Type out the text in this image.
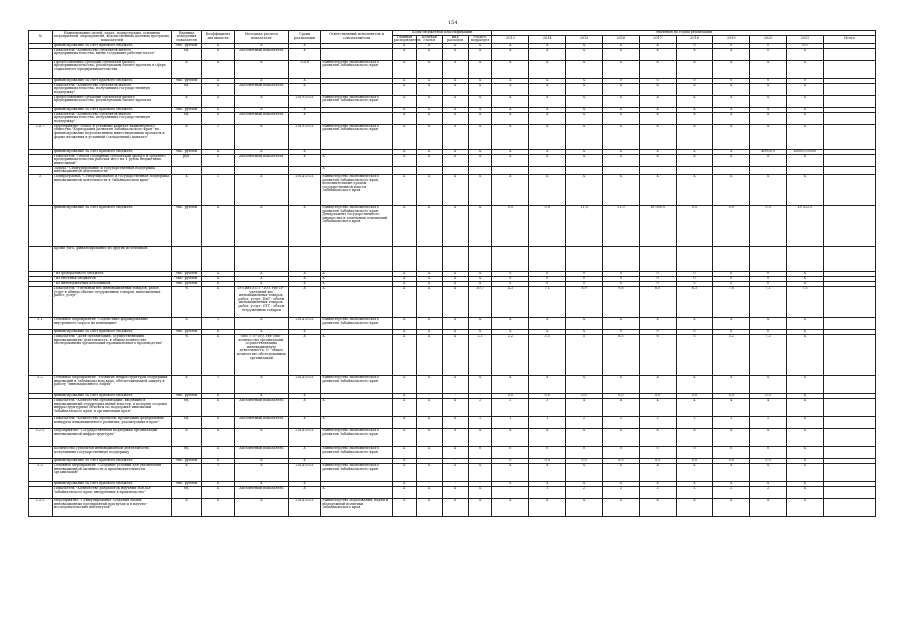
154
№	Наименование целей, задач, подпрограмм, основных мероприятий, мероприятий, ведомственных целевых программ, показателей	Единица измерения показателя	Коэффициент значимости	Методика расчета показателя	Сроки реализации	Ответственный исполнитель и соисполнители	Коды бюджетной классификации				Значения по годам реализации									
							Главный распорядитель	Целевая статья	Вид расходов	Раздел, подраздел	2013	2014	2015	2016	2017	2018	2019	2020	2021	Итого
	финансирование за счет краевого бюджета	тыс. рублей	X	X	X		X	X	X	X	X	X	X	X	X	0	0	0	0,0	
	Показатель "Количество субъектов малого предпринимательства, вновь создавших рабочие места"	ед.	X	Абсолютный показатель	X		X	X	X	X	X	X	X	X	X	X	X	0	X	
	Предоставление субсидий субъектам малого предпринимательства, реализующим бизнес-проекты в сфере социального предпринимательства	X	X	X	2018	Министерство экономического развития Забайкальского края	X	X	X	X	X	X	X	X	X	X	X	X	X	
	финансирование за счет краевого бюджета	тыс. рублей	X	X	X		X	X	X	X	X	X	X	0	0	0	0	0	0	
	Показатель "Количество субъектов малого предпринимательства, получивших государственную поддержку"	ед.	X	Абсолютный показатель	X		X	X	X	X	X	X	X	X	X	X	X	X	X	
	Предоставление субсидий субъектам малого предпринимательства, реализующим бизнес-проекты	X	X	X	2019-2021	Министерство экономического развития Забайкальского края	X	X	X	X	X	X	X	X	X	X	X	X	X	
	финансирование за счет краевого бюджета	тыс. рублей	X	X	X		X	X	X	X	X	X	X	X	X	X	X	X	X	
	Показатель "Количество субъектов малого предпринимательства, получивших государственную поддержку"	ед.	X	Абсолютный показатель	X		X	X	X	X	X	X	X	X	X	X	X	X	X	
2.4.7.	Мероприятие "Взнос в уставный капитал акционерного общества "Корпорация развития Забайкальского края" на финансирование перспективных инвестиционных проектов в форме вложения в уставный (складочный) капитал"	X	I	X	2019-2021	Министерство экономического развития Забайкальского края	X	X	X	X	X	X	X	X	X	X	X	X	X	
	финансирование за счет краевого бюджета	тыс. рублей	X	X	X		X	X	X	X	X	X	X	X	X	X	X	40000,0	40000,00000	
	Показатель "Объем созданных субъектами малого и среднего предпринимательства рабочих мест на 1 рубль бюджетных инвестиций"	руб.	X	Абсолютный показатель	X	X	X	X	X	X	X	X	X	X	X	X	X	X	X	
	Задача "Стимулирование и государственная поддержка инновационной деятельности"					X														
3.	Подпрограмма "Стимулирование и государственная поддержка инновационной деятельности в Забайкальском крае"	X	I	X	2014-2021	Министерство экономического развития Забайкальского края, исполнительные органы государственной власти Забайкальского края	X	X	X	X	X	X	X	X	X	X	X	X	X	
	финансирование за счет краевого бюджета	тыс. рублей	X	X	X	Министерство экономического развития Забайкальского края, Департамент государственного имущества и земельных отношений Забайкальского края	X	X	X	X	0,0	0,0	11,0	11,0	18 000,0	0,0	0,0	0,0	18 022,0	
	Кроме того, финансирование из других источников:																			
	- из федерального бюджета	тыс. рублей	X	X	X	X	X	X	X	X	0	0	0	0	0	0	0	0	X	
	- из местных бюджетов	тыс. рублей	X	X	X	X	X	X	X	X	0	0	0	0	0	0	0	0	X	
	- из внебюджетных источников	тыс. рублей	X	X	X	X	X	X	X	X	0	0	0	0	0	0	0	0	X	
	Показатель "Удельный вес инновационных товаров, работ, услуг в общем объеме отгруженных товаров, выполненных работ, услуг"	%	X	ТР=ИнТ/ОТТ *100, где ТР - удельный вес инновационных товаров, работ, услуг; ИнТ - объем инновационных товаров, работ, услуг; ОТТ - объем отгруженных товаров	X	X	X	X	X	10,7	4,3	7,1	8,9	9,8	6,0	6,3	7,0	7,1	7,5	
3.1.	Основное мероприятие "Содействие формированию внутреннего спроса на инновации"	X	I	X	2014-2021	Министерство экономического развития Забайкальского края	X	X	X	X	X	X	X	X	X	X	X	X	X	
	финансирование за счет краевого бюджета	тыс. рублей	X	X	X		X	X	X	X	X	X	X	0	0	0	0	0	X	
	Показатель "Доля организаций, осуществляющих инновационную деятельность, в общем количестве обследованных организаций промышленного производства"	%	X	Оио = О*100, где Оио - количество организаций, осуществляющих инновационную деятельность; О - общее количество обследованных организаций	X	X	X	X	X	2,1	2,2	3,5	5	6,5	6	5	3,2	7,2	X	
3.2.	Основное мероприятие "Развитие инфраструктуры поддержки инноваций в Забайкальском крае, обеспечивающей защиту в работу "инновационного лифта"	X	I	X	2014-2021	Министерство экономического развития Забайкальского края	X	X	X	X	X	X	X	X	X	X	X	X	X	
	финансирование за счет краевого бюджета	тыс. рублей	X	X	X		X	-	-	-	0,0	0,0	0,0	0,0	0,0	0,0	0,0	0,0	X	
	Показатель "Количество организаций, входящих в инновационный территориальный кластер, в которых созданы инфраструктурные объекты по поддержке инноваций Забайкальского края, в организации края"	ед.	X	Абсолютный показатель	X	X	X	X	X	2	2	3	4	4	4	4	4	4	4	
	Показатель "Количество проектов, прошедших федеральные конкурсы инновационного развития, реализуемых в крае"	ед.	X	Абсолютный показатель	X	X	X	X	X	1	1	1	2	2	2	2	2	2	X	
3.2.1.	Мероприятие "Государственная поддержка организаций инновационной инфраструктуры"	X	X	X	2014-2021	Министерство экономического развития Забайкальского края	X	X	X	X	X	X	X	X	X	X	X	X	X	
	Количество субъектов инновационной деятельности, получивших государственную поддержку	ед.	X	Абсолютный показатель	X	Министерство экономического развития Забайкальского края	X	X	X	0	0	0	0	0	0	0	0	0	X	
	финансирование за счет краевого бюджета	тыс. рублей	X	X	X		X	-	-	-	0	0,0	0,0	0,0	0,0	0,0	0,0	0,0	X	
3.3.	Основное мероприятие "Создание условий для увеличения инновационной активности и производительности организаций"	X	I	X	2014-2021	Министерство экономического развития Забайкальского края	X	X	X	X	X	X	X	X	X	X	X	X	X	
	финансирование за счет краевого бюджета	тыс. рублей	X	X	X		X	-	-	-	0	X	X	X	X	X	X	X	X	
	Показатель "Количество разработок научных НИОКР Забайкальского края, внедренных в производство"	ед.	X	Абсолютный показатель	X	X	X	X	X	X	-	1	2	2	2	2	2	2	X	
3.3.1.	Мероприятие "Стимулирование создания малых инновационных предприятий при вузах и в научно-исследовательских институтах"	X	X	X	2014-2021	Министерство образования, науки и молодежной политики Забайкальского края	X	X	X	X	X	X	X	X	X	X	X	X	X	
